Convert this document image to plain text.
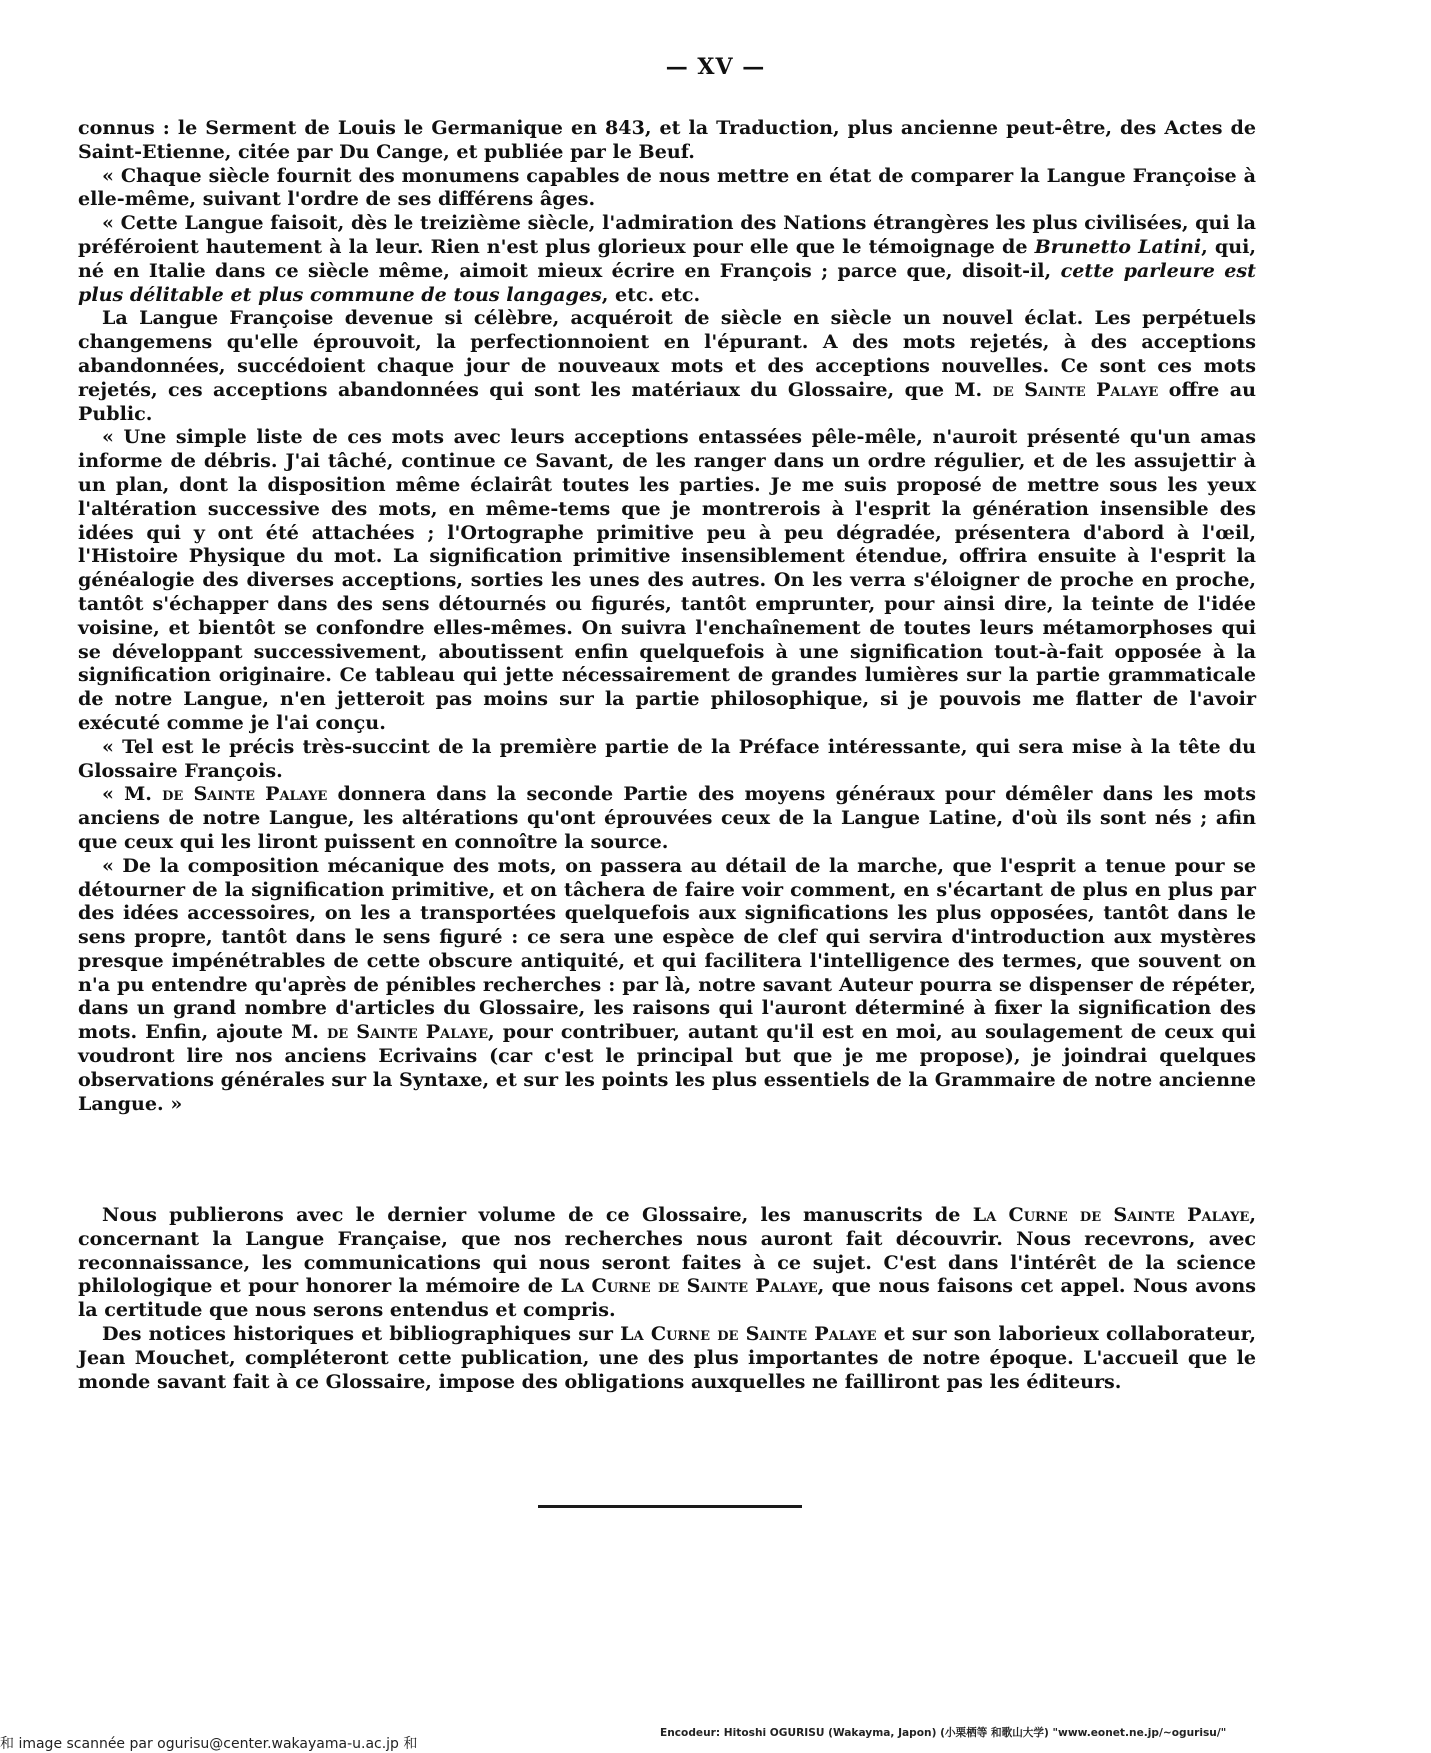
— XV —

connus : le Serment de Louis le Germanique en 843, et la Traduction, plus ancienne peut-être, des Actes de Saint-Etienne, citée par Du Cange, et publiée par le Beuf.

« Chaque siècle fournit des monumens capables de nous mettre en état de comparer la Langue Françoise à elle-même, suivant l'ordre de ses différens âges.

« Cette Langue faisoit, dès le treizième siècle, l'admiration des Nations étrangères les plus civilisées, qui la préféroient hautement à la leur. Rien n'est plus glorieux pour elle que le témoignage de Brunetto Latini, qui, né en Italie dans ce siècle même, aimoit mieux écrire en François ; parce que, disoit-il, cette parleure est plus délitable et plus commune de tous langages, etc. etc.

La Langue Françoise devenue si célèbre, acquéroit de siècle en siècle un nouvel éclat. Les perpétuels changemens qu'elle éprouvoit, la perfectionnoient en l'épurant. A des mots rejetés, à des acceptions abandonnées, succédoient chaque jour de nouveaux mots et des acceptions nouvelles. Ce sont ces mots rejetés, ces acceptions abandonnées qui sont les matériaux du Glossaire, que M. de Sainte Palaye offre au Public.

« Une simple liste de ces mots avec leurs acceptions entassées pêle-mêle, n'auroit présenté qu'un amas informe de débris. J'ai tâché, continue ce Savant, de les ranger dans un ordre régulier, et de les assujettir à un plan, dont la disposition même éclairât toutes les parties. Je me suis proposé de mettre sous les yeux l'altération successive des mots, en même-tems que je montrerois à l'esprit la génération insensible des idées qui y ont été attachées ; l'Ortographe primitive peu à peu dégradée, présentera d'abord à l'œil, l'Histoire Physique du mot. La signification primitive insensiblement étendue, offrira ensuite à l'esprit la généalogie des diverses acceptions, sorties les unes des autres. On les verra s'éloigner de proche en proche, tantôt s'échapper dans des sens détournés ou figurés, tantôt emprunter, pour ainsi dire, la teinte de l'idée voisine, et bientôt se confondre elles-mêmes. On suivra l'enchaînement de toutes leurs métamorphoses qui se développant successivement, aboutissent enfin quelquefois à une signification tout-à-fait opposée à la signification originaire. Ce tableau qui jette nécessairement de grandes lumières sur la partie grammaticale de notre Langue, n'en jetteroit pas moins sur la partie philosophique, si je pouvois me flatter de l'avoir exécuté comme je l'ai conçu.

« Tel est le précis très-succint de la première partie de la Préface intéressante, qui sera mise à la tête du Glossaire François.

« M. de Sainte Palaye donnera dans la seconde Partie des moyens généraux pour démêler dans les mots anciens de notre Langue, les altérations qu'ont éprouvées ceux de la Langue Latine, d'où ils sont nés ; afin que ceux qui les liront puissent en connoître la source.

« De la composition mécanique des mots, on passera au détail de la marche, que l'esprit a tenue pour se détourner de la signification primitive, et on tâchera de faire voir comment, en s'écartant de plus en plus par des idées accessoires, on les a transportées quelquefois aux significations les plus opposées, tantôt dans le sens propre, tantôt dans le sens figuré : ce sera une espèce de clef qui servira d'introduction aux mystères presque impénétrables de cette obscure antiquité, et qui facilitera l'intelligence des termes, que souvent on n'a pu entendre qu'après de pénibles recherches : par là, notre savant Auteur pourra se dispenser de répéter, dans un grand nombre d'articles du Glossaire, les raisons qui l'auront déterminé à fixer la signification des mots. Enfin, ajoute M. de Sainte Palaye, pour contribuer, autant qu'il est en moi, au soulagement de ceux qui voudront lire nos anciens Ecrivains (car c'est le principal but que je me propose), je joindrai quelques observations générales sur la Syntaxe, et sur les points les plus essentiels de la Grammaire de notre ancienne Langue. »

Nous publierons avec le dernier volume de ce Glossaire, les manuscrits de La Curne de Sainte Palaye, concernant la Langue Française, que nos recherches nous auront fait découvrir. Nous recevrons, avec reconnaissance, les communications qui nous seront faites à ce sujet. C'est dans l'intérêt de la science philologique et pour honorer la mémoire de La Curne de Sainte Palaye, que nous faisons cet appel. Nous avons la certitude que nous serons entendus et compris.

Des notices historiques et bibliographiques sur La Curne de Sainte Palaye et sur son laborieux collaborateur, Jean Mouchet, compléteront cette publication, une des plus importantes de notre époque. L'accueil que le monde savant fait à ce Glossaire, impose des obligations auxquelles ne failliront pas les éditeurs.

Encodeur: Hitoshi OGURISU (Wakayma, Japon) (小栗栖等 和歌山大学) "www.eonet.ne.jp/~ogurisu/"
和 image scannée par ogurisu@center.wakayama-u.ac.jp 和
